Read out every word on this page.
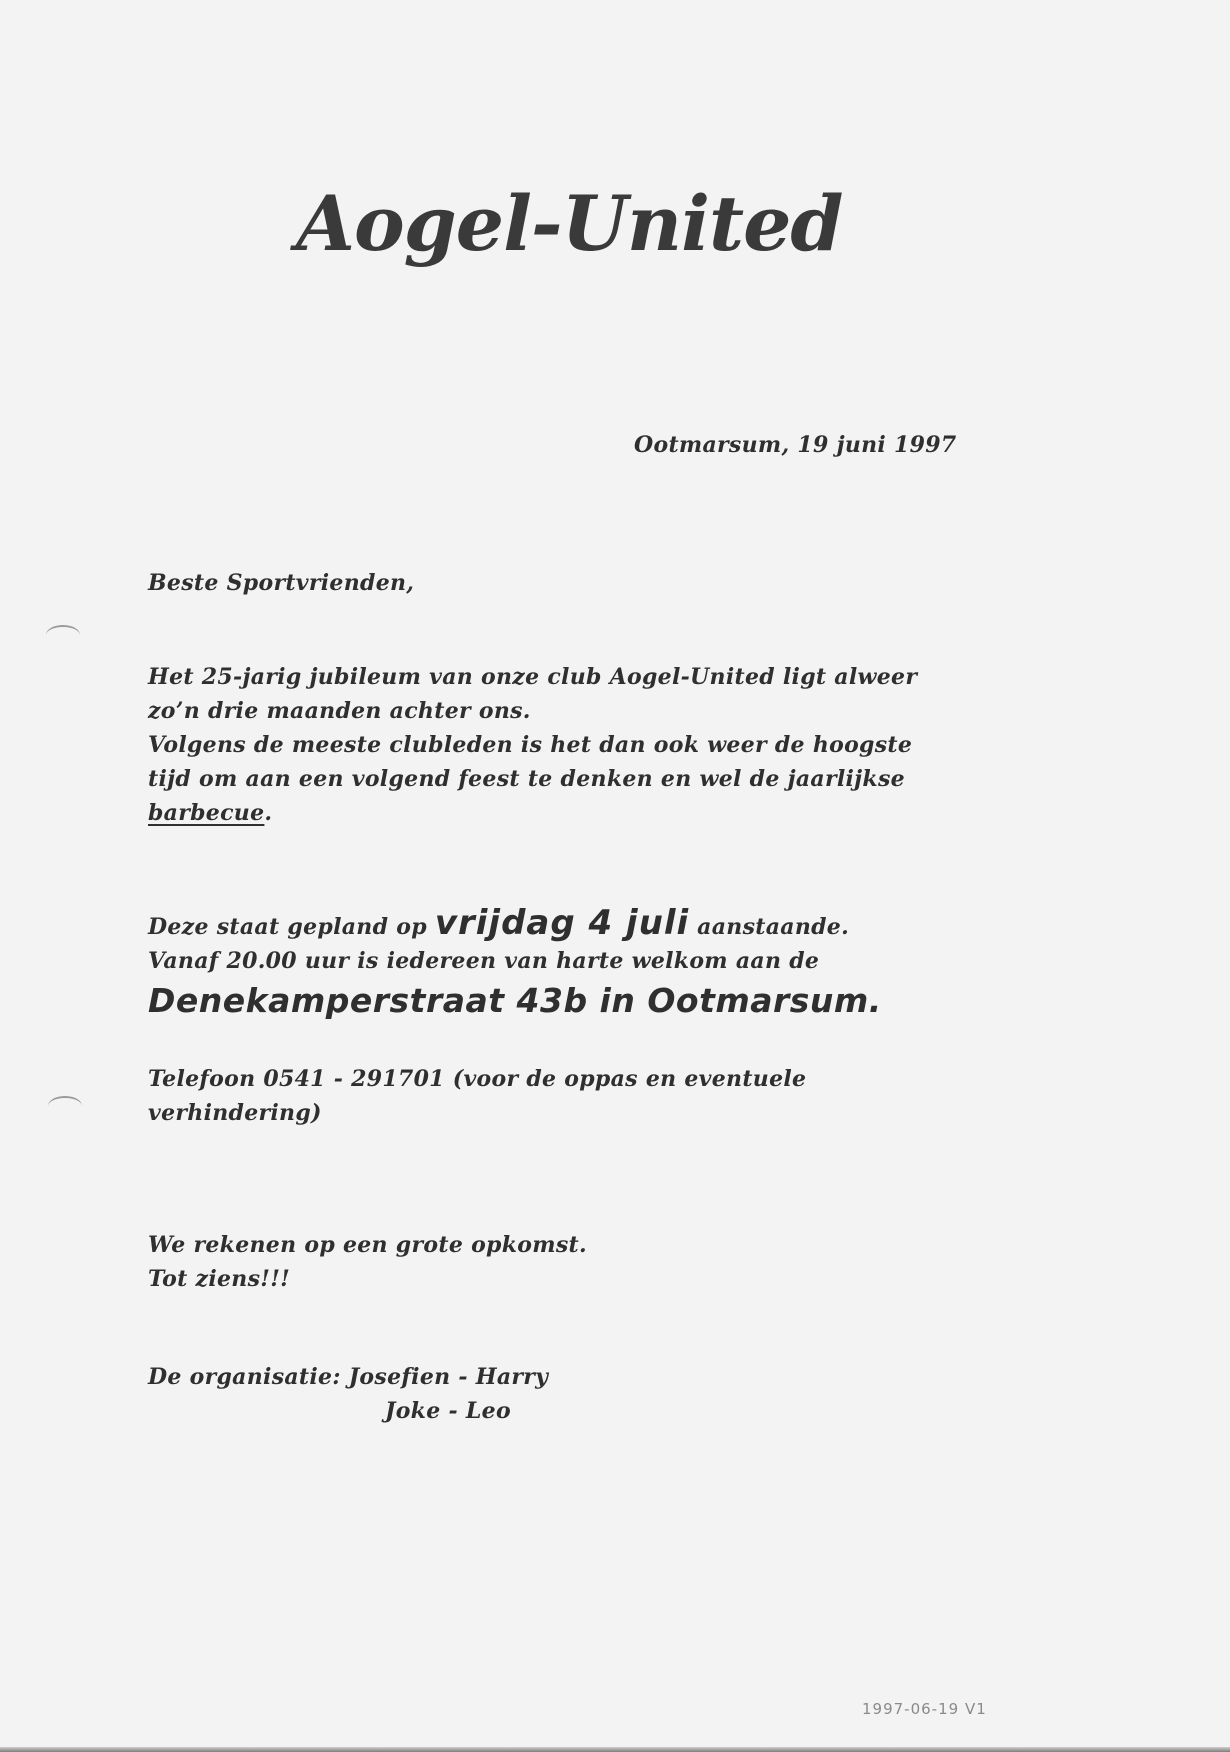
Aogel-United
Ootmarsum, 19 juni 1997
Beste Sportvrienden,
Het 25-jarig jubileum van onze club Aogel-United ligt alweer
zo’n drie maanden achter ons.
Volgens de meeste clubleden is het dan ook weer de hoogste
tijd om aan een volgend feest te denken en wel de jaarlijkse
barbecue.
Deze staat gepland op vrijdag 4 juli aanstaande.
Vanaf 20.00 uur is iedereen van harte welkom aan de
Denekamperstraat 43b in Ootmarsum.
Telefoon 0541 - 291701 (voor de oppas en eventuele
verhindering)
We rekenen op een grote opkomst.
Tot ziens!!!
De organisatie: Josefien - Harry
Joke - Leo
1997-06-19 V1
